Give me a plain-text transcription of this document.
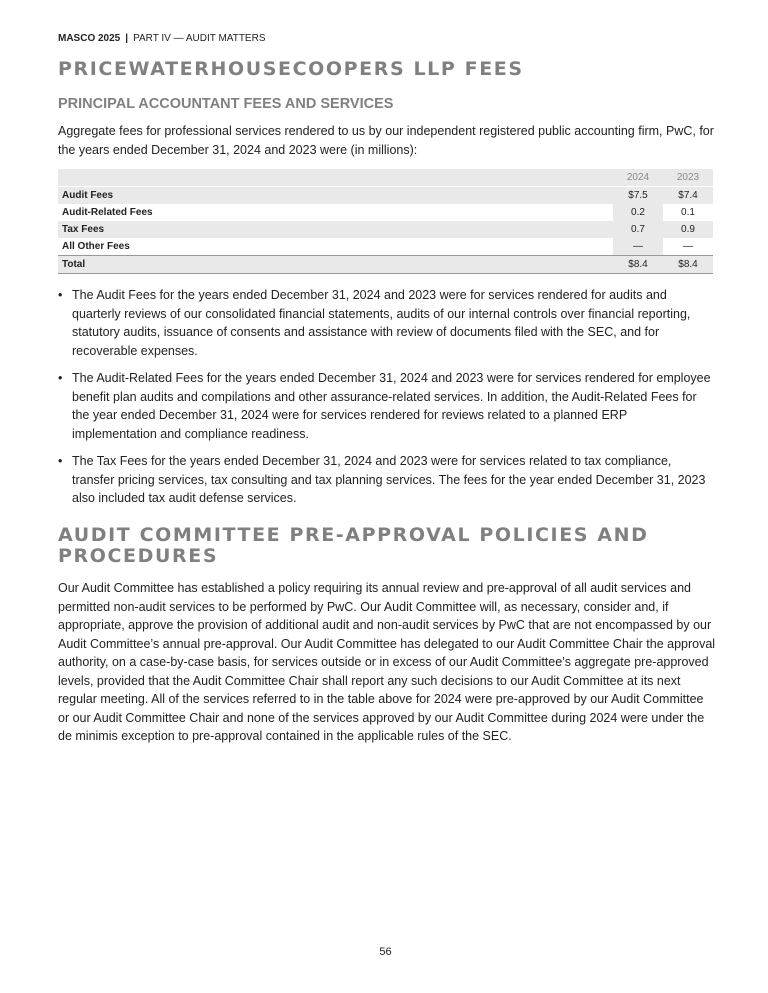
MASCO 2025 | PART IV — AUDIT MATTERS
PRICEWATERHOUSECOOPERS LLP FEES
PRINCIPAL ACCOUNTANT FEES AND SERVICES

Aggregate fees for professional services rendered to us by our independent registered public accounting firm, PwC, for the years ended December 31, 2024 and 2023 were (in millions):

	2024	2023
Audit Fees	$7.5	$7.4
Audit-Related Fees	0.2	0.1
Tax Fees	0.7	0.9
All Other Fees	—	—
Total	$8.4	$8.4
• The Audit Fees for the years ended December 31, 2024 and 2023 were for services rendered for audits and quarterly reviews of our consolidated financial statements, audits of our internal controls over financial reporting, statutory audits, issuance of consents and assistance with review of documents filed with the SEC, and for recoverable expenses.
• The Audit-Related Fees for the years ended December 31, 2024 and 2023 were for services rendered for employee benefit plan audits and compilations and other assurance-related services. In addition, the Audit-Related Fees for the year ended December 31, 2024 were for services rendered for reviews related to a planned ERP implementation and compliance readiness.
• The Tax Fees for the years ended December 31, 2024 and 2023 were for services related to tax compliance, transfer pricing services, tax consulting and tax planning services. The fees for the year ended December 31, 2023 also included tax audit defense services.
AUDIT COMMITTEE PRE-APPROVAL POLICIES AND PROCEDURES

Our Audit Committee has established a policy requiring its annual review and pre-approval of all audit services and permitted non-audit services to be performed by PwC. Our Audit Committee will, as necessary, consider and, if appropriate, approve the provision of additional audit and non-audit services by PwC that are not encompassed by our Audit Committee’s annual pre-approval. Our Audit Committee has delegated to our Audit Committee Chair the approval authority, on a case-by-case basis, for services outside or in excess of our Audit Committee’s aggregate pre-approved levels, provided that the Audit Committee Chair shall report any such decisions to our Audit Committee at its next regular meeting. All of the services referred to in the table above for 2024 were pre-approved by our Audit Committee or our Audit Committee Chair and none of the services approved by our Audit Committee during 2024 were under the de minimis exception to pre-approval contained in the applicable rules of the SEC.

56
